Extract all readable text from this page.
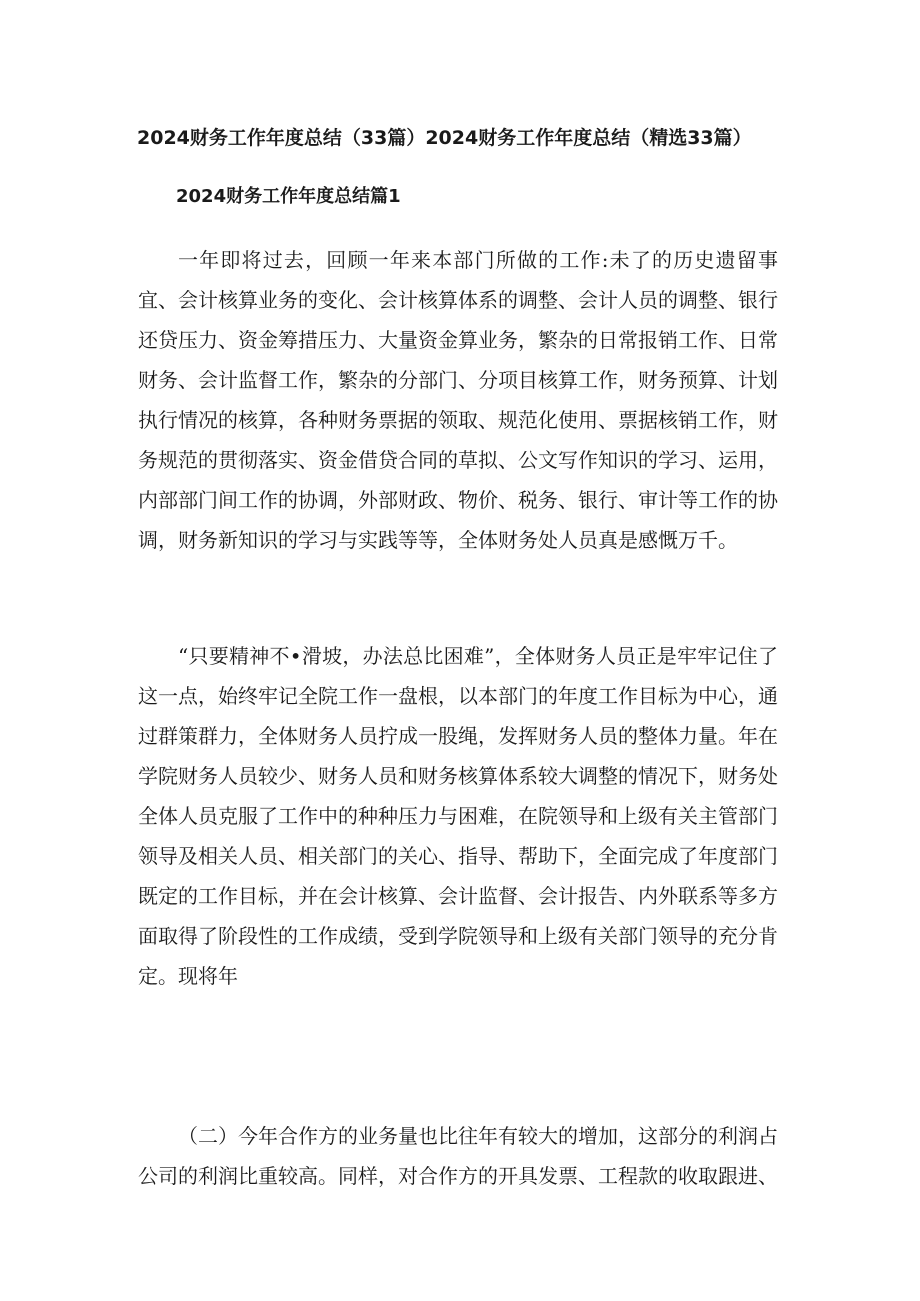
2024财务工作年度总结（33篇）2024财务工作年度总结（精选33篇）
2024财务工作年度总结篇1

一年即将过去，回顾一年来本部门所做的工作:未了的历史遗留事宜、会计核算业务的变化、会计核算体系的调整、会计人员的调整、银行还贷压力、资金筹措压力、大量资金算业务，繁杂的日常报销工作、日常财务、会计监督工作，繁杂的分部门、分项目核算工作，财务预算、计划执行情况的核算，各种财务票据的领取、规范化使用、票据核销工作，财务规范的贯彻落实、资金借贷合同的草拟、公文写作知识的学习、运用，内部部门间工作的协调，外部财政、物价、税务、银行、审计等工作的协调，财务新知识的学习与实践等等，全体财务处人员真是感慨万千。

“只要精神不•滑坡，办法总比困难”，全体财务人员正是牢牢记住了这一点，始终牢记全院工作一盘根，以本部门的年度工作目标为中心，通过群策群力，全体财务人员拧成一股绳，发挥财务人员的整体力量。年在学院财务人员较少、财务人员和财务核算体系较大调整的情况下，财务处全体人员克服了工作中的种种压力与困难，在院领导和上级有关主管部门领导及相关人员、相关部门的关心、指导、帮助下，全面完成了年度部门既定的工作目标，并在会计核算、会计监督、会计报告、内外联系等多方面取得了阶段性的工作成绩，受到学院领导和上级有关部门领导的充分肯定。现将年

（二）今年合作方的业务量也比往年有较大的增加，这部分的利润占公司的利润比重较高。同样，对合作方的开具发票、工程款的收取跟进、
